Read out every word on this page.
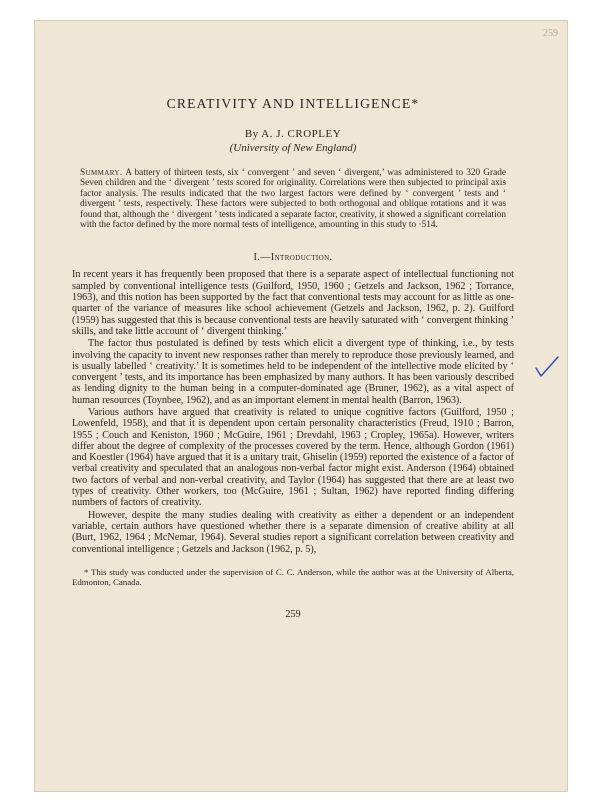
259
CREATIVITY AND INTELLIGENCE*
By A. J. CROPLEY
(University of New England)

Summary. A battery of thirteen tests, six ‘ convergent ’ and seven ‘ divergent,’ was administered to 320 Grade Seven children and the ‘ divergent ’ tests scored for originality. Correlations were then subjected to principal axis factor analysis. The results indicated that the two largest factors were defined by ‘ convergent ’ tests and ‘ divergent ’ tests, respectively. These factors were subjected to both orthogonal and oblique rotations and it was found that, although the ‘ divergent ’ tests indicated a separate factor, creativity, it showed a significant correlation with the factor defined by the more normal tests of intelligence, amounting in this study to ·514.

I.—Introduction.

In recent years it has frequently been proposed that there is a separate aspect of intellectual functioning not sampled by conventional intelligence tests (Guilford, 1950, 1960 ; Getzels and Jackson, 1962 ; Torrance, 1963), and this notion has been supported by the fact that conventional tests may account for as little as one-quarter of the variance of measures like school achievement (Getzels and Jackson, 1962, p. 2). Guilford (1959) has suggested that this is because conventional tests are heavily saturated with ‘ convergent thinking ’ skills, and take little account of ‘ divergent thinking.’

The factor thus postulated is defined by tests which elicit a divergent type of thinking, i.e., by tests involving the capacity to invent new responses rather than merely to reproduce those previously learned, and is usually labelled ‘ creativity.’ It is sometimes held to be independent of the intellective mode elicited by ‘ convergent ’ tests, and its importance has been emphasized by many authors. It has been variously described as lending dignity to the human being in a computer-dominated age (Bruner, 1962), as a vital aspect of human resources (Toynbee, 1962), and as an important element in mental health (Barron, 1963).

Various authors have argued that creativity is related to unique cognitive factors (Guilford, 1950 ; Lowenfeld, 1958), and that it is dependent upon certain personality characteristics (Freud, 1910 ; Barron, 1955 ; Couch and Keniston, 1960 ; McGuire, 1961 ; Drevdahl, 1963 ; Cropley, 1965a). However, writers differ about the degree of complexity of the processes covered by the term. Hence, although Gordon (1961) and Koestler (1964) have argued that it is a unitary trait, Ghiselin (1959) reported the existence of a factor of verbal creativity and speculated that an analogous non-verbal factor might exist. Anderson (1964) obtained two factors of verbal and non-verbal creativity, and Taylor (1964) has suggested that there are at least two types of creativity. Other workers, too (McGuire, 1961 ; Sultan, 1962) have reported finding differing numbers of factors of creativity.

However, despite the many studies dealing with creativity as either a dependent or an independent variable, certain authors have questioned whether there is a separate dimension of creative ability at all (Burt, 1962, 1964 ; McNemar, 1964). Several studies report a significant correlation between creativity and conventional intelligence ; Getzels and Jackson (1962, p. 5),

* This study was conducted under the supervision of C. C. Anderson, while the author was at the University of Alberta, Edmonton, Canada.

259
